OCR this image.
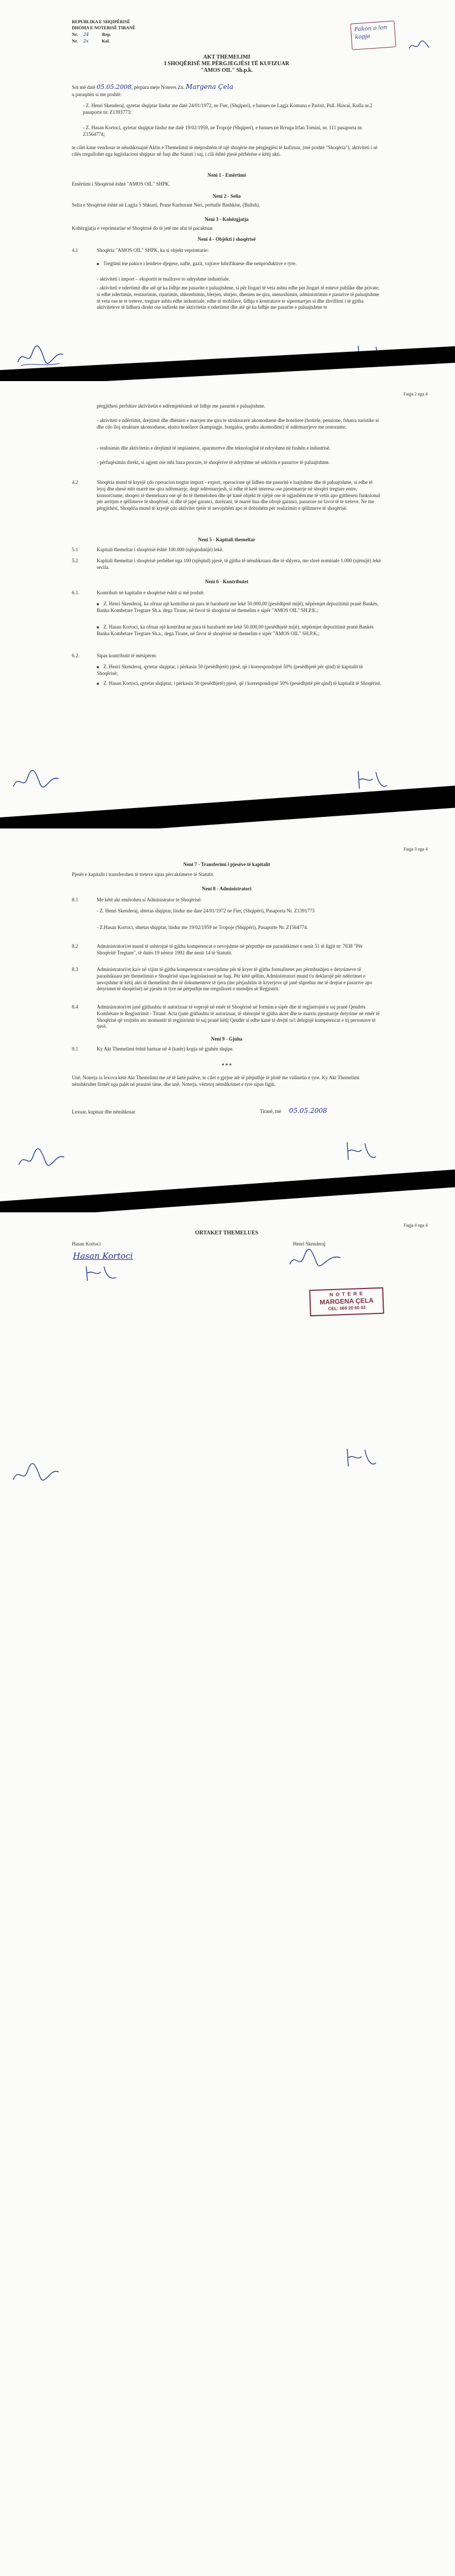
REPUBLIKA E SHQIPËRISË
DHOMA E NOTERISË TIRANË
Nr. 24	Rep.
Nr. 2x	Kol.
Fakon o lon kopje
AKT THEMELIMI
I SHOQËRISË ME PËRGJEGJËSI TË KUFIZUAR
"AMOS OIL" Sh.p.k.
Sot më datë 05.05.2008, përpara meje Noteres Zn. Margena Çela
u paraqitën si me poshtë:
- Z. Henri Skenderaj, qytetar shqiptar lindur me datë 24/01/1972, ne Fier, (Shqiperi), e banues ne Lagja Komuna e Parisit, Pall. Hawai, Kulla nr.2 pasaporte nr. Z1393773;
- Z. Hasan Kortoci, qytetar shqiptar lindur me datë 19/02/1959, ne Tropoje (Shqiperi), e banues ne Rrruga Irfan Tomini, nr. 111 pasaporta nr. Z1564774;
te cilet kane vendosur te nënshkruajnë Aktin e Themelimit të mëposhtëm të një shoqërie me përgjegjësi të kufizuar, (më poshtë "Shoqëria"), aktiviteti i së cilës rregullohet nga legjislacioni shqiptar në fuqi dhe Statuti i saj, i cili është pjesë përbërëse e këtij akti.
Neni 1 - Emërtimi
Emërtimi i Shoqërisë është "AMOS OIL" SHPK.
Neni 2 - Selia
Selia e Shoqërisë është në Lagjia 5 Shkurti, Prane Karburant Neri, perballe Bashkise, (Ballsh).
Neni 3 - Kohëzgjatja
Kohëzgjatja e veprimtarise së Shoqërisë do të jetë me afat të pacaktuar.
Neni 4 - Objekti i shoqërisë
4.1	Shoqëria "AMOS OIL" SHPK, ka si objekt veprimtarie:
Tregtimi me pakice i lendeve djegese, nafte, gazit, vajrave lubrifikuese dhe nenproduktive e tyre.
- aktiviteti i import – eksportit te mallrave to ndryshme industriale.
- aktiviteti e ndertimit dhe atë që ka lidhje me pasurite e paluajtshme, si për llogari të veta ashtu edhe per llogari të enteve publike dhe private, si edhe ndertimin, restaurimin, riparimin, shkembimin, blerjen, shitjen, dhenien ne qira, menaxhimin, administrimin e pasurive të paluajtshme të veta ose te te treteve, tregtare ashtu edhe industriale, edhe të mobilave, lidhja e kontratave te sipermarrjes si dhe zhvillimi i të gjitha aktiviteteve të lidhura direkt ose indirekt me aktivitetin e ndertimit dhe atë që ka lidhje me pasurite e paluajtshme te
Faqja 2 nga 4
përgjithesi perfshire aktivitetin e ndërmjetësimit në lidhje me pasuritë e paluajtshme.
- aktiviteti e ndërtimit, drejtimit dhe dhënien e marrjen me qira te strukturave akomoduese dhe hoteliere (hostele, pensione, fshatra turistike si dhe cdo lloj strukture akomoduese, ekstra hoteliere (kampingje, bungalos, qendra akomodimi) të ndërmarrjeve me restorante;
- realisimin dhe aktivitetin e drejtimit të impianteve, aparatureve dhe teknologjisë të ndryshme në fushën e industrisë.
- përfaqësimin direkt, si agjent ose mbi baza procure, të shoqërive të ndryshme në sektorin e pasurive të paluajtshme.
4.2	Shoqëria mund të kryejë çdo operacion tregtar import - export, operacione që lidhen me pasuritë e luajtshme dhe të paluajtshme, si edhe të lejoj dhe shesë mbi marrë me qira ndërmarrje, degë ndërmarrjesh, si edhe të ketë interesa ose pjesëmarrje në shoqëri tregtare entre, konsorciume, shoqeri të themeluara ose që do të themelohen dhe që kanë objekt të njëjtë ose të ngjashëm me të vetin apo gjithësesi funksional për arritjen e qëllimeve të shoqërisë, si dhe të japë garanci, dorëzani, të marrë hua dhe ofrojë garanci, pasurore ne favor të te treteve. Ne me përgjithësi, Shoqëria mund të kryejë çdo aktivitet tjetër të nevojshëm apo të dobishëm për realizimin e qëllimeve të shoqërisë.
Neni 5 - Kapitali themeltar
5.1	Kapitali themeltar i shoqërisë është 100.000 (njëqindmijë) lekë.
5.2	Kapitali themeltar i shoqërisë perbëhet nga 100 (njëqind) pjesë, të gjitha të nënshkruara dhe të shlyera, me vlerë nominale 1.000 (njëmijë) lekë secila.
Neni 6 - Kontributet
6.1.	Kontributi në kapitalin e shoqërisë është si më poshtë:
Z. Henri Skenderaj, ka ofruar një kontribut në para të barabartë me lekë 50.000,00 (pesëdhjetë mijë), nëpërmjet depozitimit pranë Bankës, Banka Kombetare Tregtare Sh.a. dega Tirane, në favor të shoqërisë në themelim e sipër "AMOS OIL" SH.P.K.;
Z. Hasan Kortoci, ka ofruar një kontribut ne para të barabartë me lekë 50.000,00 (pesëdhjetë mijë), nëpërmjet depozitimit pranë Bankës Banka Kombetare Tregtare Sh.a., dega Tirane, në favor të shoqërisë në themelim e sipër "AMOS OIL" SH.P.K.;
6.2.	Sipas kontributit të mësipërm:
Z. Henri Skenderaj, qytetar shqiptar, i përkasin 50 (pesëdhjetë) pjesë, që i korrespondojnë 50% (pesëdhjetë për qind) të kapitalit të Shoqërisë;
Z. Hasan Kortoci, qytetar shqiptar, i përkasin 50 (pesëdhjetë) pjesë, që i korrespondojnë 50% (pesëdhjetë për qind) të kapitalit të Shoqërisë.
Faqja 3 nga 4
Neni 7 - Transferimi i pjesëve të kapitalit
Pjesët e kapitalit i transferohen të treteve sipas përcaktimeve të Statutit.
Neni 8 - Administratori
8.1	Me këtë akt emërohen si Administrator te Shoqërisë:
- Z. Henri Skenderaj, shtetas shqiptar, lindur me date 24/01/1972 ne Fier, (Shqipëri), Pasaporta Nr. Z1391773
- Z.Hasan Kortoci, shtetas shqiptar, lindur me 19/02/1959 ne Tropoje (Shqipëri), Pasaporte Nr. Z1564774.
8.2	Administratori/et mund të ushtrojnë të gjitha kompetencat e nevojshme në përputhje me parashikimet e nenit 51 të ligjit nr. 7638 "Për Shoqëritë Tregtare", të datës 19 nëntor 1992 dhe nenit 14 të Statutit.
8.3	Administratori/et ka/e në vijim të gjitha kompetencat e nevojshme për të kryer të gjitha formalitetet per përmbushjen e detyrimeve të parashikuara për themelimin e Shoqërisë sipas legjislacionit ne fuqi. Për këtë qëllim, Administratori mund t'u deklarojë për ndërrimet e nevojshme të këtij akti të themelimit dhe të dokumenteve të tjera (me përjashtim të kryerjeve që janë shprehur me të drejtat e pasurive apo detyrimet të shoqërisë) në pjesën të tyre në përputhje me rregulloret e mendjes së Regjistrit.
8.4	Administratori/et janë gjithashtu të autorizuar të veprojë në emër të Shoqërisë në formim e sipër dhe të regjistrojnë e saj pranë Qendrës Kombëtare te Regjistrimit - Tiranë. Acta (janë gjithashtu të autorizuar, të shënojnë të gjitha aktet dhe te marrin pjesmarrje detyrime në emër të Shoqërisë që vrojtëin ato momentit të regjistrimit të saj pranë këtij Qendër si edhe kanë të drejtë ta/i delegojë kompetencat e tij personave të tjerë.
Neni 9 - Gjuha
9.1	Ky Akt Themelimi është hartuar në 4 (katër) kopja në gjuhën shqipe.
* * *
Unë, Noterja ia lexova këtë Akt Themelimi me zë të lartë palëve, te cilet e gjejne atë të përputhje të plotë me vullnetin e tyre. Ky Akt Themelimi nënshkruhet firmët nga palët në praninë time, dhe unë, Noterja, vërtetoj nënshkrimet e tyre sipas ligjit.
Lexuar, kuptuar dhe nënshkruar	Tiranë, më 05.05.2008
Faqja 4 nga 4
ORTAKET THEMELUES
Hasan Kortoci	Henri Skenderaj
Hasan Kortoci
N O T E R E
MARGENA ÇELA
CEL: 069 20 60 03
